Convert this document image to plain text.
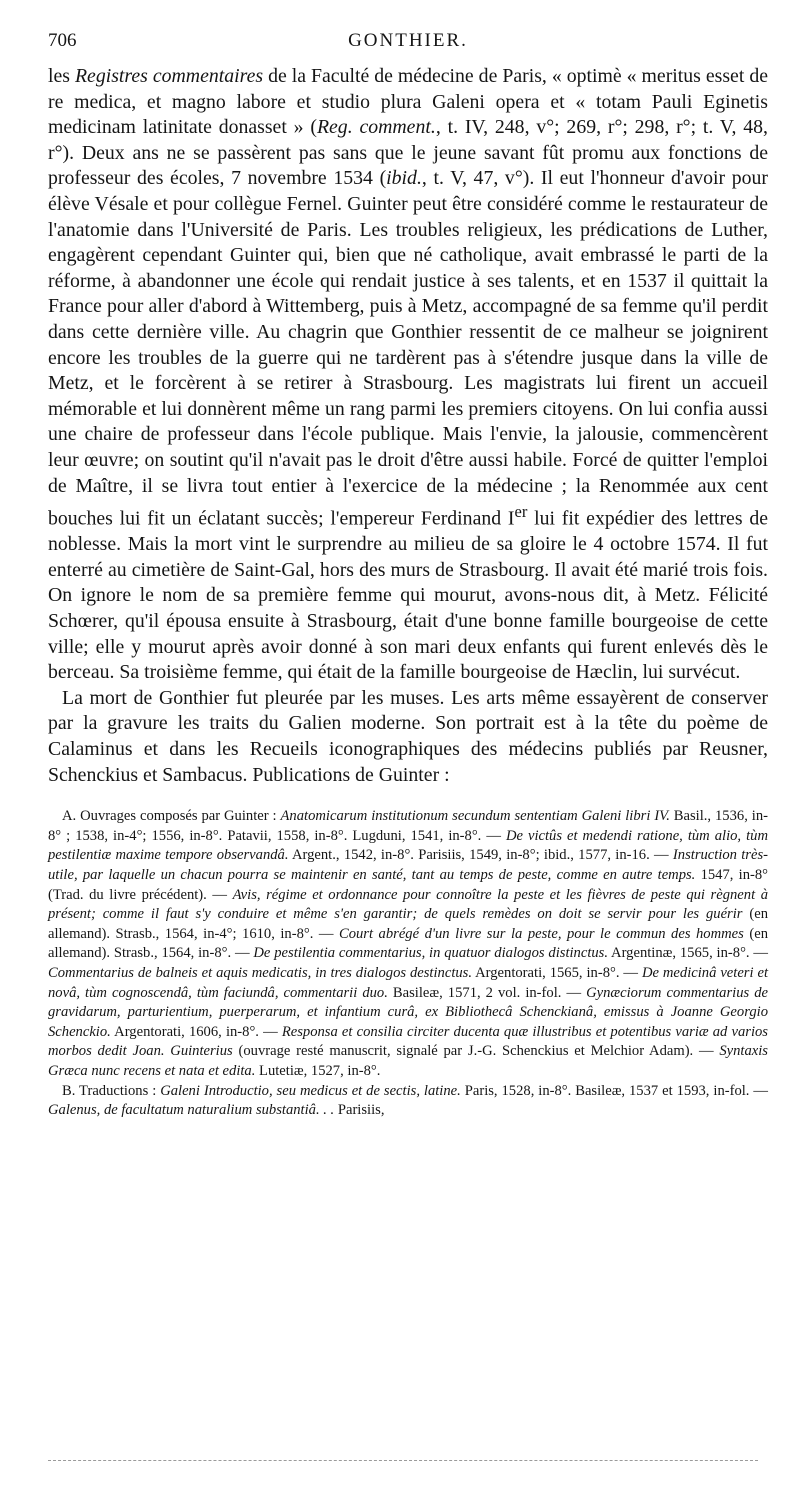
706	GONTHIER.

les Registres commentaires de la Faculté de médecine de Paris, « optimè « meritus esset de re medica, et magno labore et studio plura Galeni opera et « totam Pauli Eginetis medicinam latinitate donasset » (Reg. comment., t. IV, 248, v°; 269, r°; 298, r°; t. V, 48, r°). Deux ans ne se passèrent pas sans que le jeune savant fût promu aux fonctions de professeur des écoles, 7 novembre 1534 (ibid., t. V, 47, v°). Il eut l'honneur d'avoir pour élève Vésale et pour collègue Fernel. Guinter peut être considéré comme le restaurateur de l'anatomie dans l'Université de Paris. Les troubles religieux, les prédications de Luther, engagèrent cependant Guinter qui, bien que né catholique, avait embrassé le parti de la réforme, à abandonner une école qui rendait justice à ses talents, et en 1537 il quittait la France pour aller d'abord à Wittemberg, puis à Metz, accompagné de sa femme qu'il perdit dans cette dernière ville. Au chagrin que Gonthier ressentit de ce malheur se joignirent encore les troubles de la guerre qui ne tardèrent pas à s'étendre jusque dans la ville de Metz, et le forcèrent à se retirer à Strasbourg. Les magistrats lui firent un accueil mémorable et lui donnèrent même un rang parmi les premiers citoyens. On lui confia aussi une chaire de professeur dans l'école publique. Mais l'envie, la jalousie, commencèrent leur œuvre; on soutint qu'il n'avait pas le droit d'être aussi habile. Forcé de quitter l'emploi de Maître, il se livra tout entier à l'exercice de la médecine ; la Renommée aux cent bouches lui fit un éclatant succès; l'empereur Ferdinand Ier lui fit expédier des lettres de noblesse. Mais la mort vint le surprendre au milieu de sa gloire le 4 octobre 1574. Il fut enterré au cimetière de Saint-Gal, hors des murs de Strasbourg. Il avait été marié trois fois. On ignore le nom de sa première femme qui mourut, avons-nous dit, à Metz. Félicité Schœrer, qu'il épousa ensuite à Strasbourg, était d'une bonne famille bourgeoise de cette ville; elle y mourut après avoir donné à son mari deux enfants qui furent enlevés dès le berceau. Sa troisième femme, qui était de la famille bourgeoise de Hæclin, lui survécut.

La mort de Gonthier fut pleurée par les muses. Les arts même essayèrent de conserver par la gravure les traits du Galien moderne. Son portrait est à la tête du poème de Calaminus et dans les Recueils iconographiques des médecins publiés par Reusner, Schenckius et Sambacus. Publications de Guinter :

A. Ouvrages composés par Guinter : Anatomicarum institutionum secundum sententiam Galeni libri IV. Basil., 1536, in-8° ; 1538, in-4°; 1556, in-8°. Patavii, 1558, in-8°. Lugduni, 1541, in-8°. — De victûs et medendi ratione, tùm alio, tùm pestilentiæ maxime tempore observandâ. Argent., 1542, in-8°. Parisiis, 1549, in-8°; ibid., 1577, in-16. — Instruction très-utile, par laquelle un chacun pourra se maintenir en santé, tant au temps de peste, comme en autre temps. 1547, in-8° (Trad. du livre précédent). — Avis, régime et ordonnance pour connoître la peste et les fièvres de peste qui règnent à présent; comme il faut s'y conduire et même s'en garantir; de quels remèdes on doit se servir pour les guérir (en allemand). Strasb., 1564, in-4°; 1610, in-8°. — Court abrégé d'un livre sur la peste, pour le commun des hommes (en allemand). Strasb., 1564, in-8°. — De pestilentia commentarius, in quatuor dialogos distinctus. Argentinæ, 1565, in-8°. — Commentarius de balneis et aquis medicatis, in tres dialogos destinctus. Argentorati, 1565, in-8°. — De medicinâ veteri et novâ, tùm cognoscendâ, tùm faciundâ, commentarii duo. Basileæ, 1571, 2 vol. in-fol. — Gynæciorum commentarius de gravidarum, parturientium, puerperarum, et infantium curâ, ex Bibliothecâ Schenckianâ, emissus à Joanne Georgio Schenckio. Argentorati, 1606, in-8°. — Responsa et consilia circiter ducenta quæ illustribus et potentibus variæ ad varios morbos dedit Joan. Guinterius (ouvrage resté manuscrit, signalé par J.-G. Schenckius et Melchior Adam). — Syntaxis Græca nunc recens et nata et edita. Lutetiæ, 1527, in-8°.

B. Traductions : Galeni Introductio, seu medicus et de sectis, latine. Paris, 1528, in-8°. Basileæ, 1537 et 1593, in-fol. — Galenus, de facultatum naturalium substantiâ. . . Parisiis,
